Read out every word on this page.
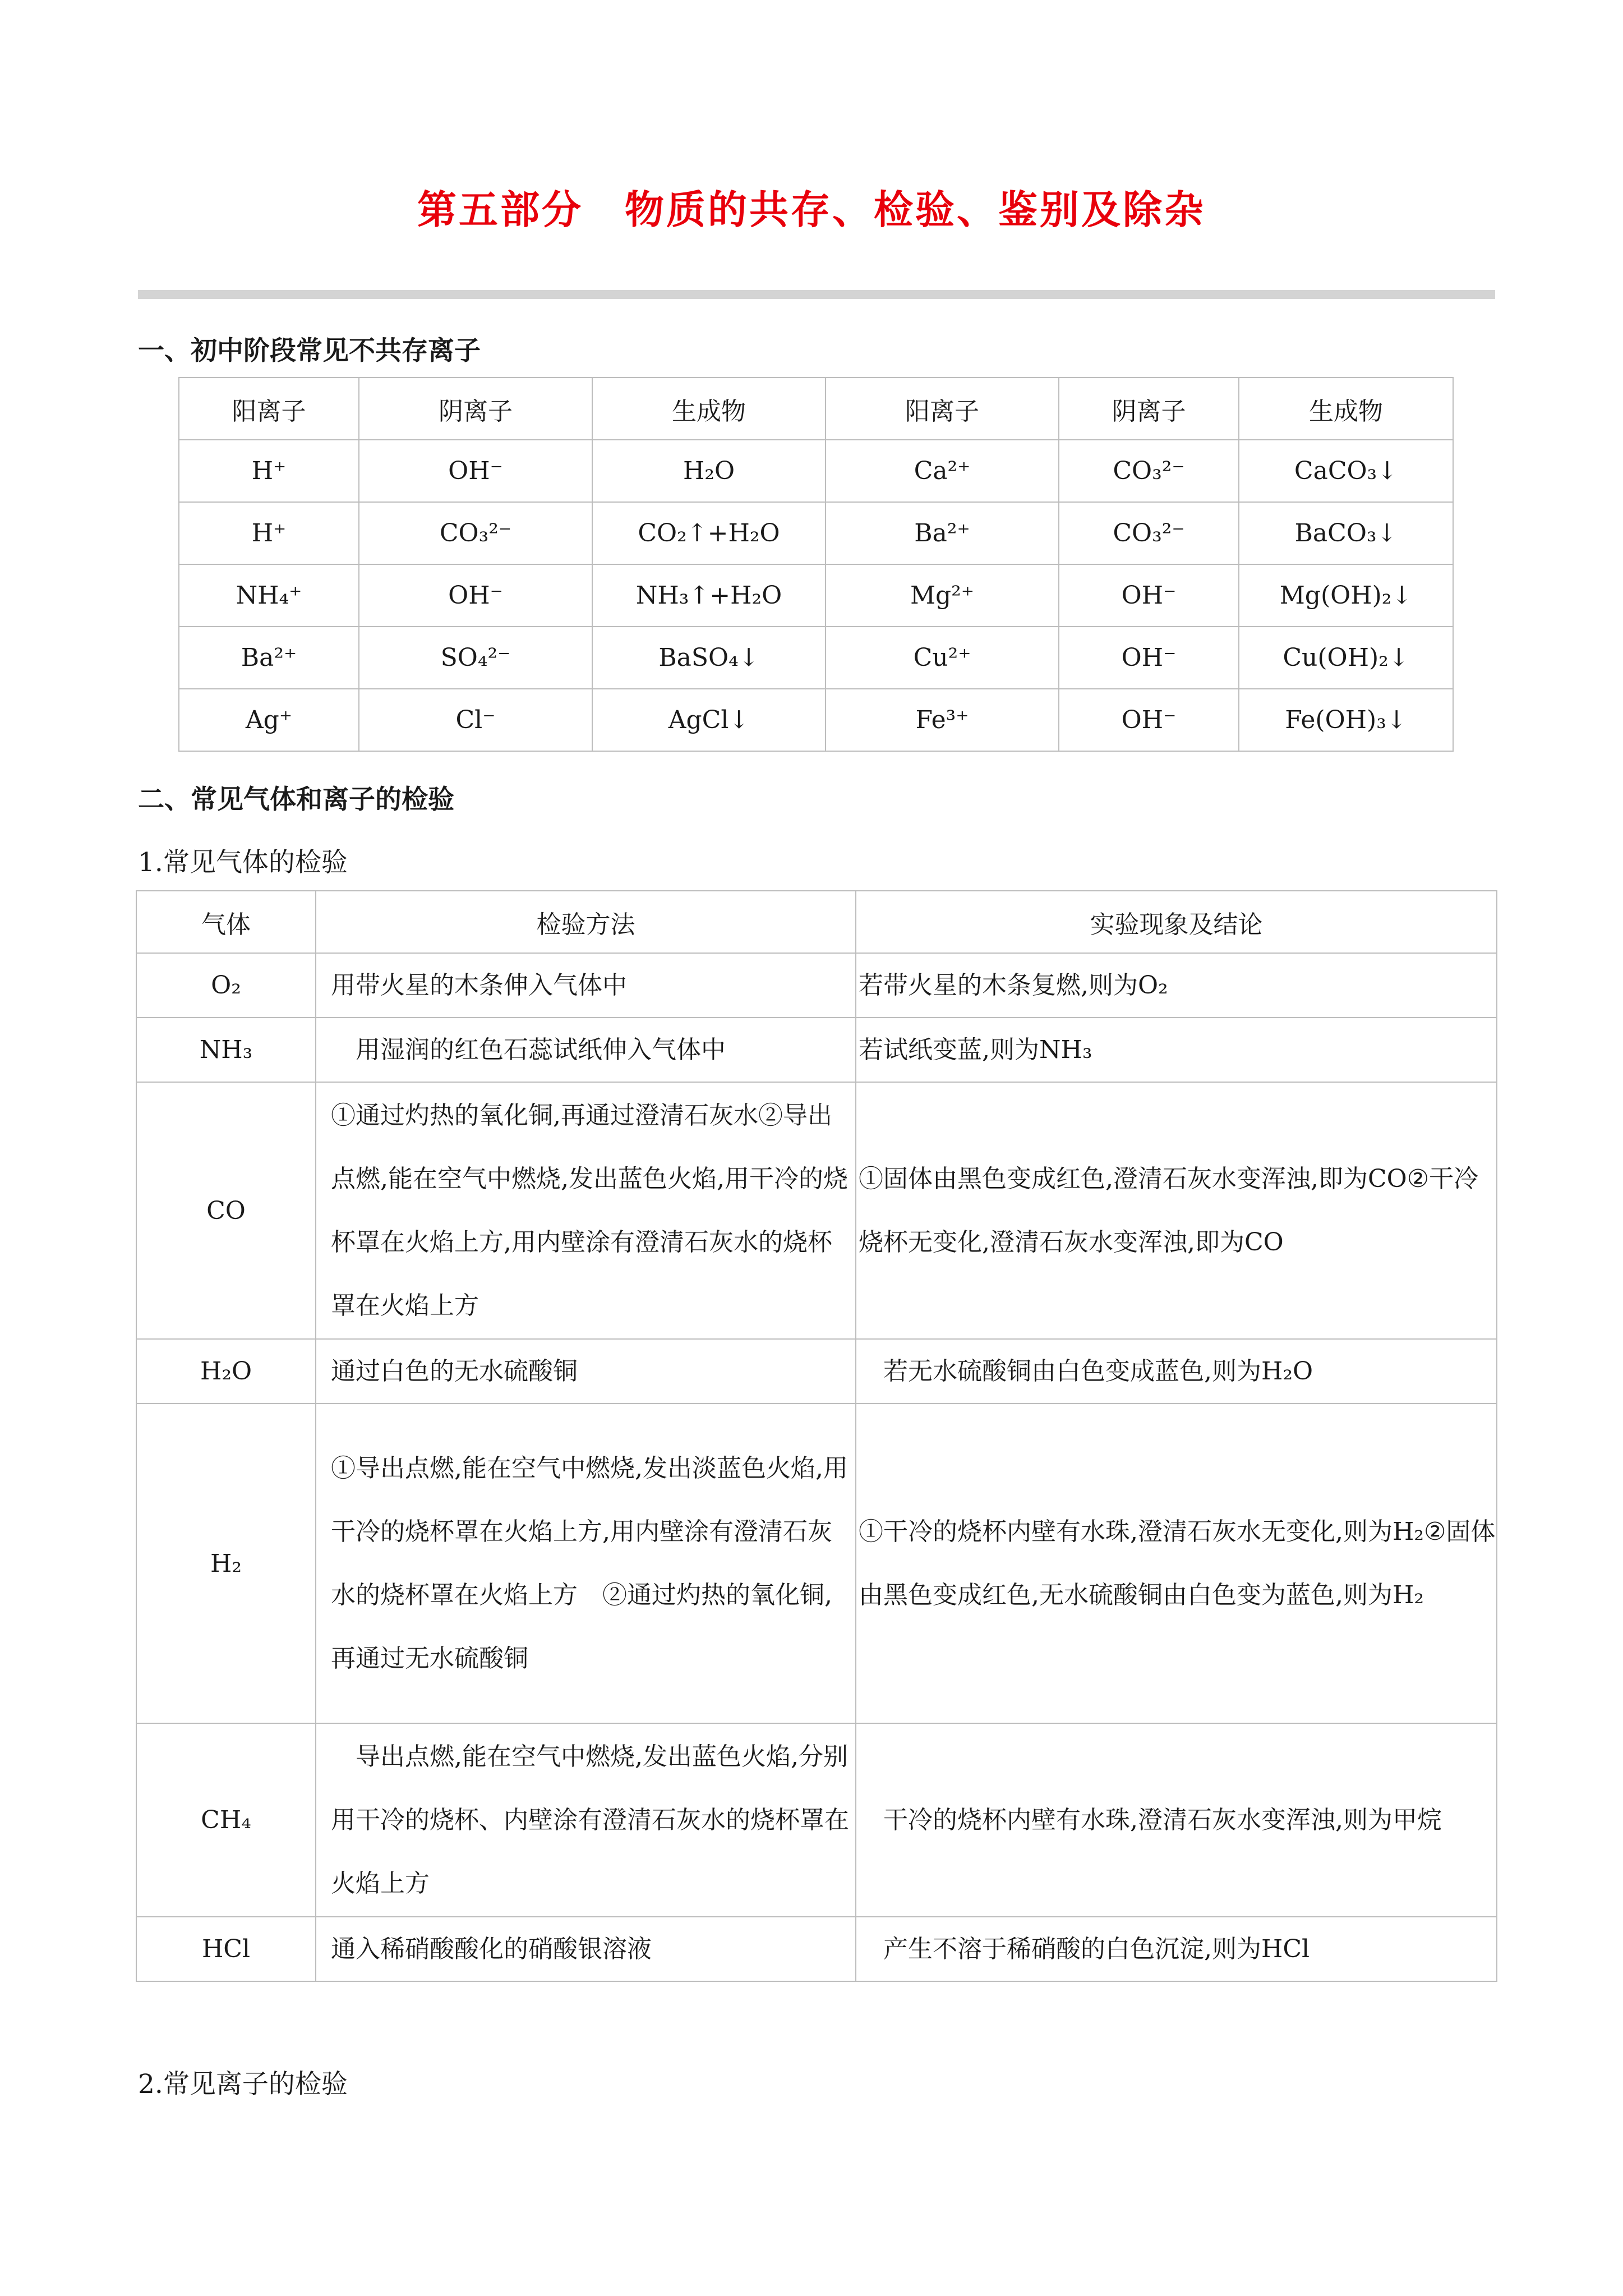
第五部分　物质的共存、检验、鉴别及除杂
一、初中阶段常见不共存离子
阳离子	阴离子	生成物	阳离子	阴离子	生成物
H⁺	OH⁻	H₂O	Ca²⁺	CO₃²⁻	CaCO₃↓
H⁺	CO₃²⁻	CO₂↑+H₂O	Ba²⁺	CO₃²⁻	BaCO₃↓
NH₄⁺	OH⁻	NH₃↑+H₂O	Mg²⁺	OH⁻	Mg(OH)₂↓
Ba²⁺	SO₄²⁻	BaSO₄↓	Cu²⁺	OH⁻	Cu(OH)₂↓
Ag⁺	Cl⁻	AgCl↓	Fe³⁺	OH⁻	Fe(OH)₃↓
二、常见气体和离子的检验
1.常见气体的检验
气体	检验方法	实验现象及结论
O₂	用带火星的木条伸入气体中	若带火星的木条复燃,则为O₂
NH₃	　用湿润的红色石蕊试纸伸入气体中	若试纸变蓝,则为NH₃
CO	①通过灼热的氧化铜,再通过澄清石灰水②导出点燃,能在空气中燃烧,发出蓝色火焰,用干冷的烧杯罩在火焰上方,用内壁涂有澄清石灰水的烧杯罩在火焰上方	①固体由黑色变成红色,澄清石灰水变浑浊,即为CO②干冷烧杯无变化,澄清石灰水变浑浊,即为CO
H₂O	通过白色的无水硫酸铜	　若无水硫酸铜由白色变成蓝色,则为H₂O
H₂	①导出点燃,能在空气中燃烧,发出淡蓝色火焰,用干冷的烧杯罩在火焰上方,用内壁涂有澄清石灰水的烧杯罩在火焰上方　②通过灼热的氧化铜,再通过无水硫酸铜	①干冷的烧杯内壁有水珠,澄清石灰水无变化,则为H₂②固体由黑色变成红色,无水硫酸铜由白色变为蓝色,则为H₂
CH₄	　导出点燃,能在空气中燃烧,发出蓝色火焰,分别用干冷的烧杯、内壁涂有澄清石灰水的烧杯罩在火焰上方	　干冷的烧杯内壁有水珠,澄清石灰水变浑浊,则为甲烷
HCl	通入稀硝酸酸化的硝酸银溶液	　产生不溶于稀硝酸的白色沉淀,则为HCl
2.常见离子的检验
